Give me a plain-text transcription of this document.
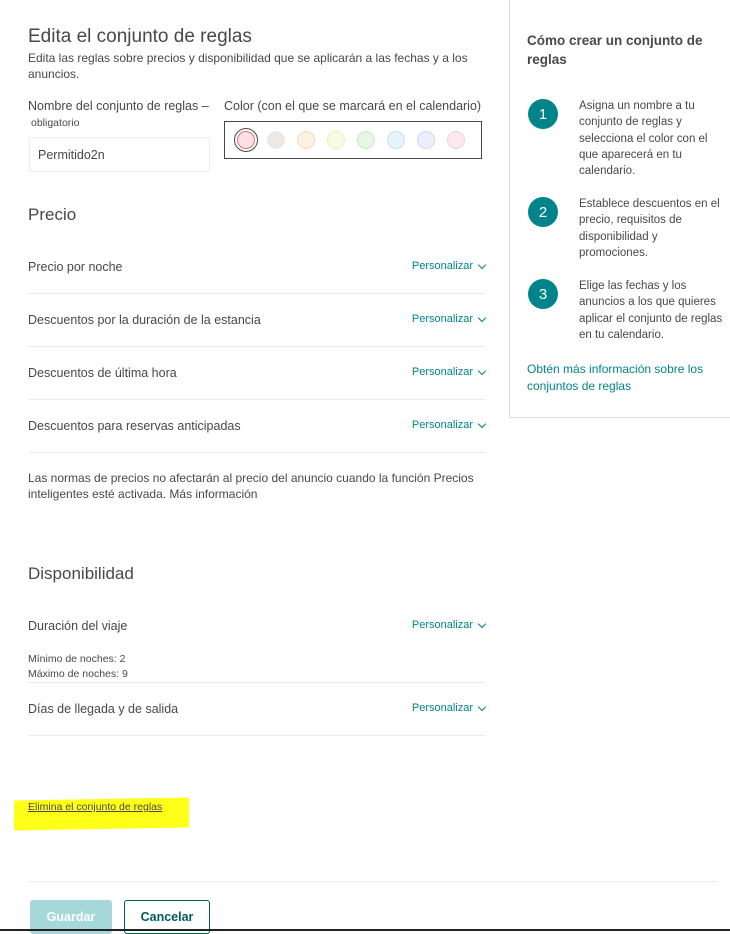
Edita el conjunto de reglas
Edita las reglas sobre precios y disponibilidad que se aplicarán a las fechas y a los anuncios.
Nombre del conjunto de reglas –
obligatorio
Permitido2n
Color (con el que se marcará en el calendario)
Precio
Precio por noche	Personalizar
Descuentos por la duración de la estancia	Personalizar
Descuentos de última hora	Personalizar
Descuentos para reservas anticipadas	Personalizar
Las normas de precios no afectarán al precio del anuncio cuando la función Precios inteligentes esté activada. Más información
Disponibilidad
Duración del viaje	Personalizar
Mínimo de noches: 2
Máximo de noches: 9
Días de llegada y de salida	Personalizar
Elimina el conjunto de reglas
Guardar	Cancelar
Cómo crear un conjunto de reglas
1	Asigna un nombre a tu conjunto de reglas y selecciona el color con el que aparecerá en tu calendario.
2	Establece descuentos en el precio, requisitos de disponibilidad y promociones.
3	Elige las fechas y los anuncios a los que quieres aplicar el conjunto de reglas en tu calendario.
Obtén más información sobre los conjuntos de reglas
